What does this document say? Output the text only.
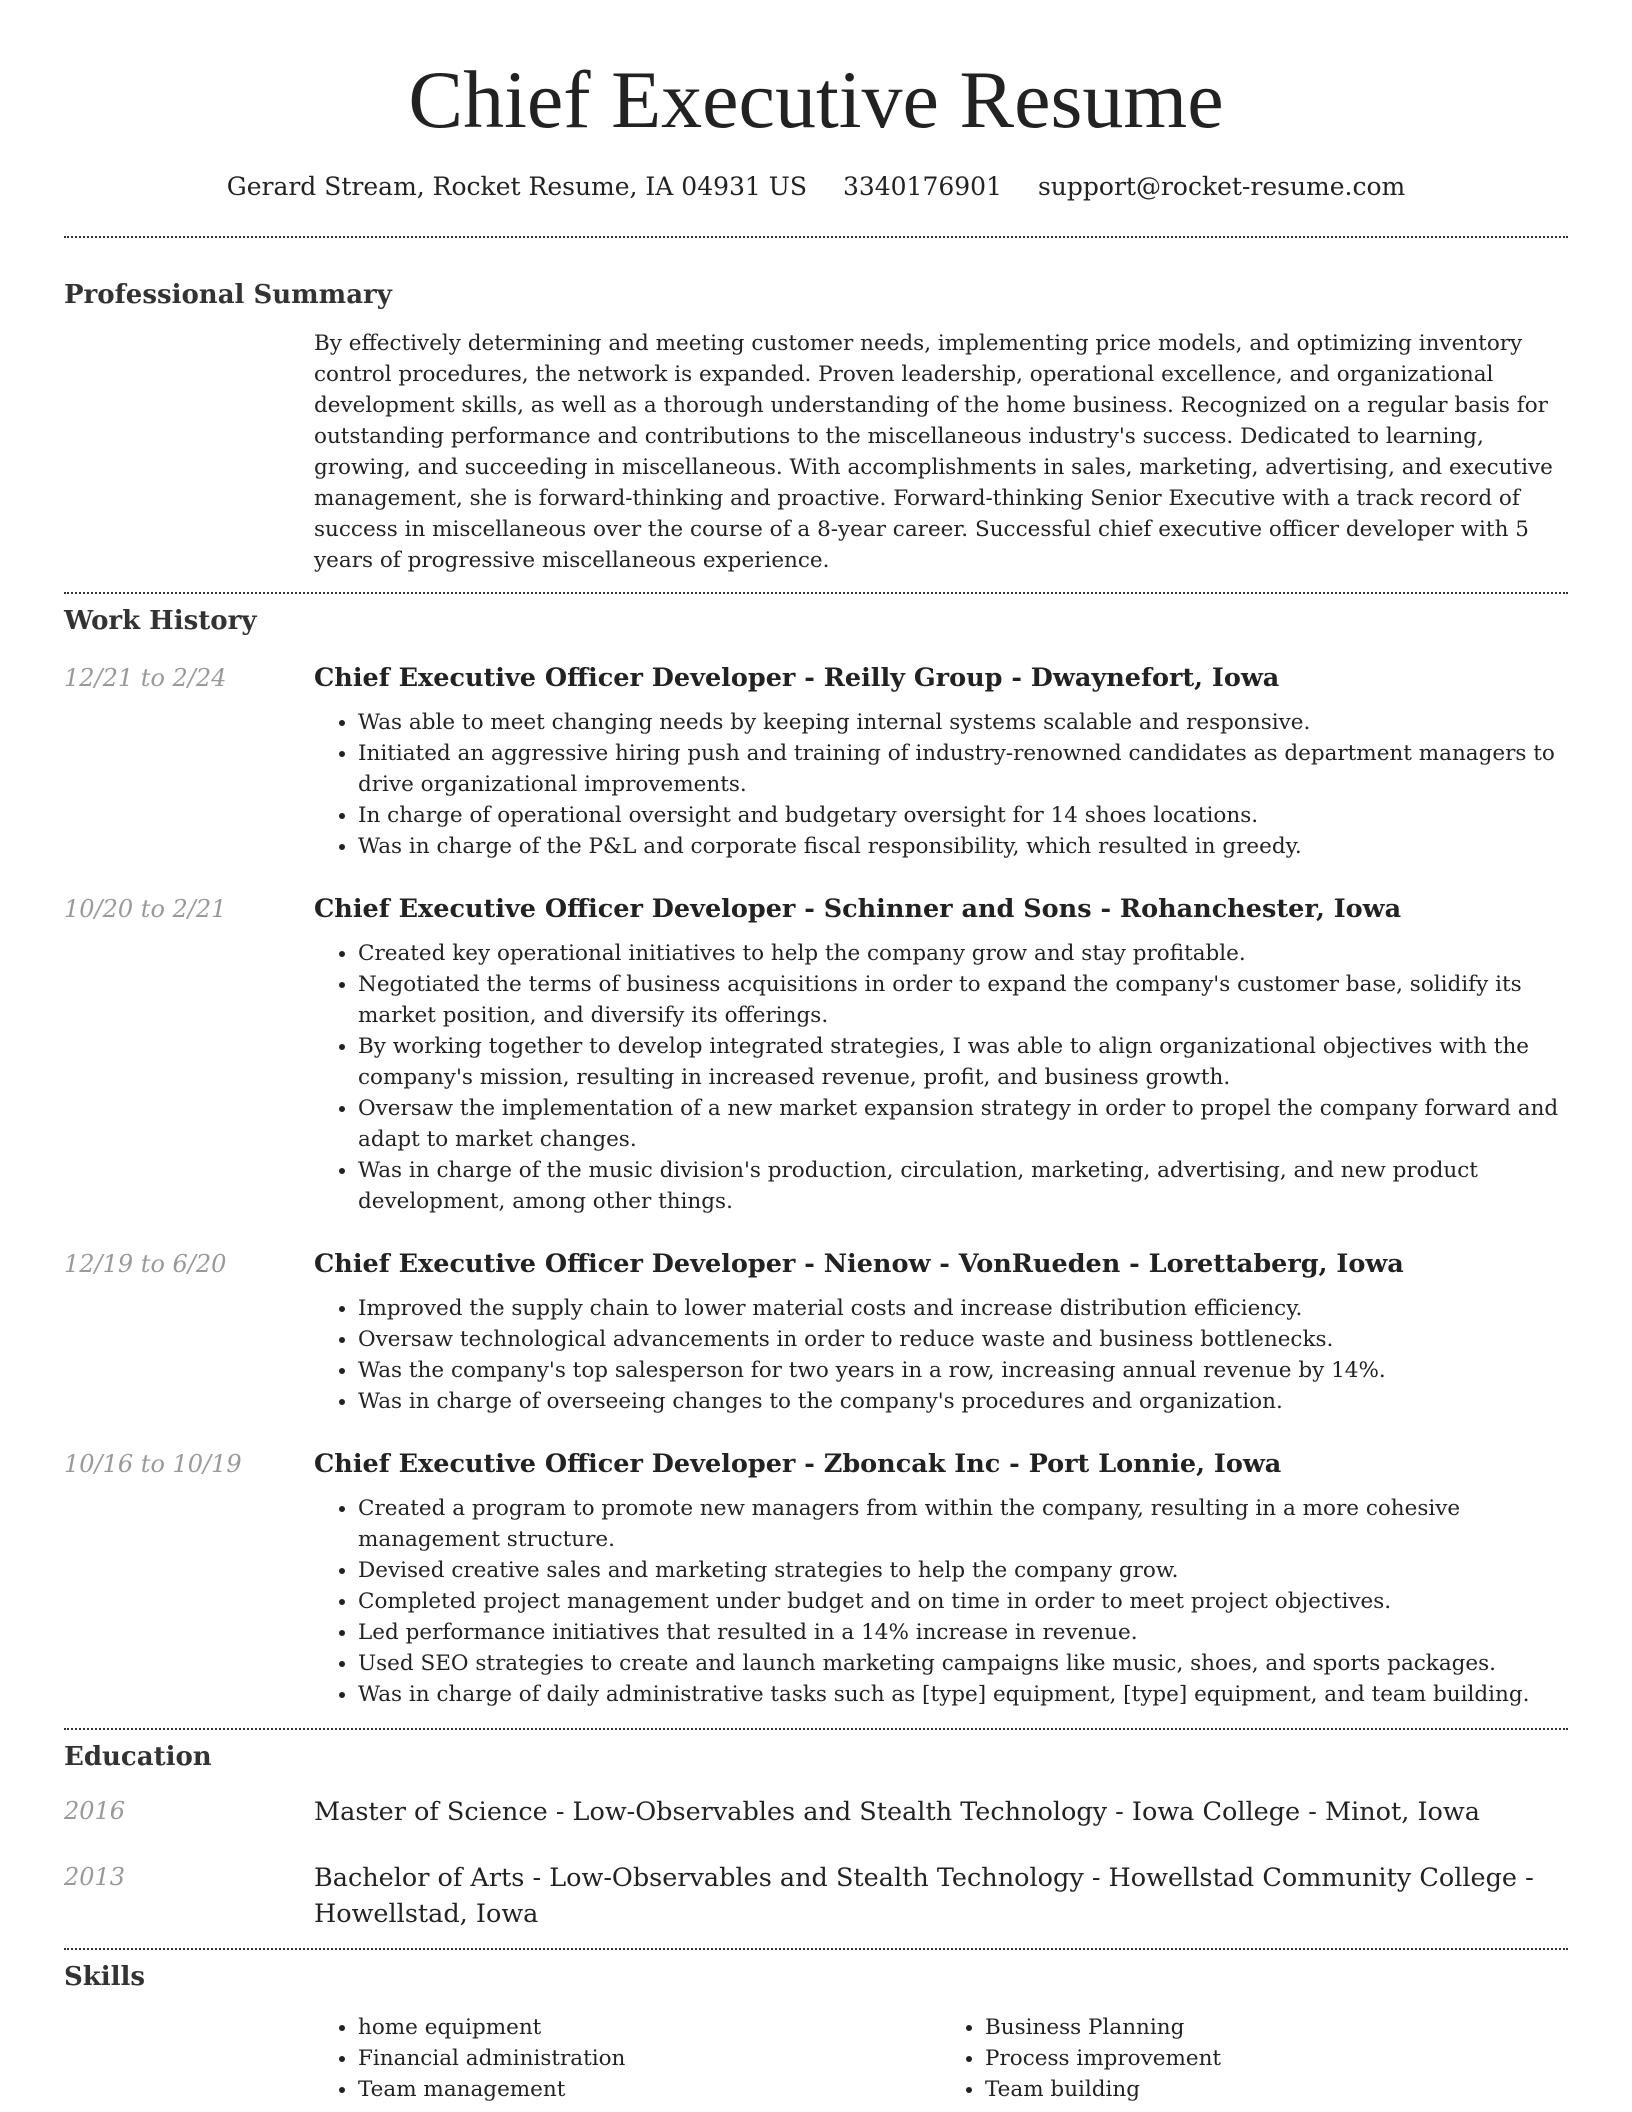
Chief Executive Resume
Gerard Stream, Rocket Resume, IA 04931 US 3340176901 support@rocket-resume.com
Professional Summary

By effectively determining and meeting customer needs, implementing price models, and optimizing inventory control procedures, the network is expanded. Proven leadership, operational excellence, and organizational development skills, as well as a thorough understanding of the home business. Recognized on a regular basis for outstanding performance and contributions to the miscellaneous industry's success. Dedicated to learning, growing, and succeeding in miscellaneous. With accomplishments in sales, marketing, advertising, and executive management, she is forward-thinking and proactive. Forward-thinking Senior Executive with a track record of success in miscellaneous over the course of a 8-year career. Successful chief executive officer developer with 5 years of progressive miscellaneous experience.

Work History
12/21 to 2/24	Chief Executive Officer Developer - Reilly Group - Dwaynefort, Iowa
• Was able to meet changing needs by keeping internal systems scalable and responsive.
• Initiated an aggressive hiring push and training of industry-renowned candidates as department managers to drive organizational improvements.
• In charge of operational oversight and budgetary oversight for 14 shoes locations.
• Was in charge of the P&L and corporate fiscal responsibility, which resulted in greedy.
10/20 to 2/21	Chief Executive Officer Developer - Schinner and Sons - Rohanchester, Iowa
• Created key operational initiatives to help the company grow and stay profitable.
• Negotiated the terms of business acquisitions in order to expand the company's customer base, solidify its market position, and diversify its offerings.
• By working together to develop integrated strategies, I was able to align organizational objectives with the company's mission, resulting in increased revenue, profit, and business growth.
• Oversaw the implementation of a new market expansion strategy in order to propel the company forward and adapt to market changes.
• Was in charge of the music division's production, circulation, marketing, advertising, and new product development, among other things.
12/19 to 6/20	Chief Executive Officer Developer - Nienow - VonRueden - Lorettaberg, Iowa
• Improved the supply chain to lower material costs and increase distribution efficiency.
• Oversaw technological advancements in order to reduce waste and business bottlenecks.
• Was the company's top salesperson for two years in a row, increasing annual revenue by 14%.
• Was in charge of overseeing changes to the company's procedures and organization.
10/16 to 10/19	Chief Executive Officer Developer - Zboncak Inc - Port Lonnie, Iowa
• Created a program to promote new managers from within the company, resulting in a more cohesive management structure.
• Devised creative sales and marketing strategies to help the company grow.
• Completed project management under budget and on time in order to meet project objectives.
• Led performance initiatives that resulted in a 14% increase in revenue.
• Used SEO strategies to create and launch marketing campaigns like music, shoes, and sports packages.
• Was in charge of daily administrative tasks such as [type] equipment, [type] equipment, and team building.
Education
2016	Master of Science - Low-Observables and Stealth Technology - Iowa College - Minot, Iowa

2013	Bachelor of Arts - Low-Observables and Stealth Technology - Howellstad Community College - Howellstad, Iowa

Skills
• home equipment
• Financial administration
• Team management
• Business Planning
• Process improvement
• Team building
